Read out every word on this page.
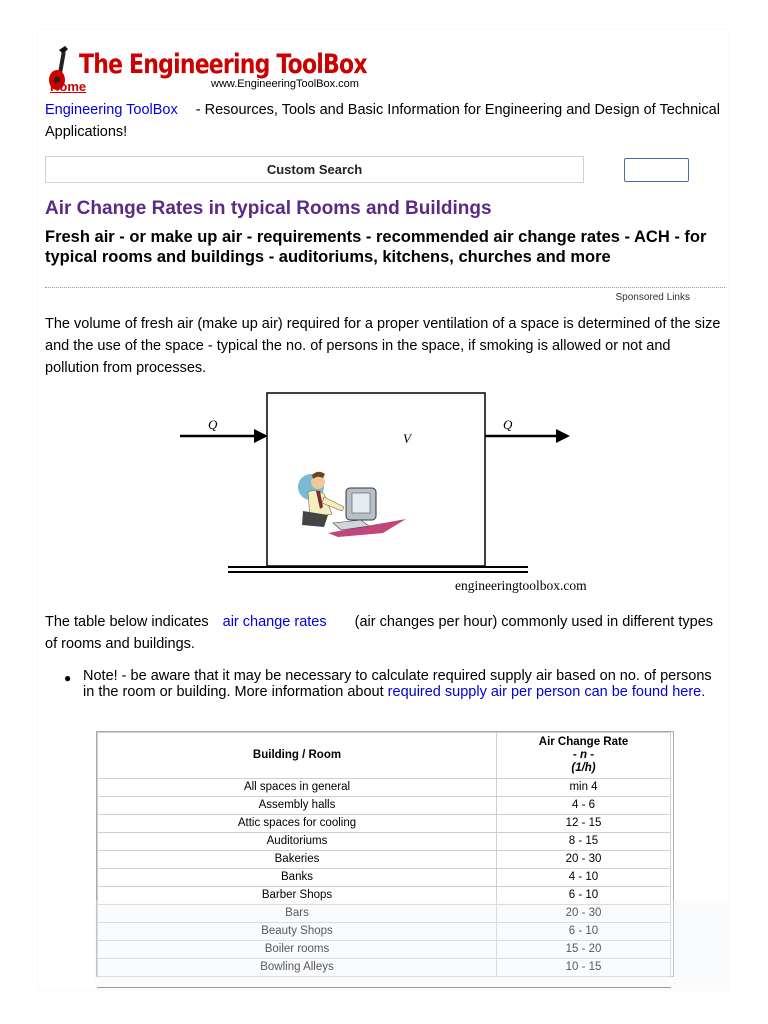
The Engineering ToolBox
www.EngineeringToolBox.com
Home
Engineering ToolBox - Resources, Tools and Basic Information for Engineering and Design of Technical Applications!
Custom Search
Air Change Rates in typical Rooms and Buildings
Fresh air - or make up air - requirements - recommended air change rates - ACH - for typical rooms and buildings - auditoriums, kitchens, churches and more
Sponsored Links

The volume of fresh air (make up air) required for a proper ventilation of a space is determined of the size and the use of the space - typical the no. of persons in the space, if smoking is allowed or not and pollution from processes.

Q	Q
V
engineeringtoolbox.com

The table below indicates air change rates (air changes per hour) commonly used in different types of rooms and buildings.

● Note! - be aware that it may be necessary to calculate required supply air based on no. of persons in the room or building. More information about required supply air per person can be found here.
Building / Room	Air Change Rate
- n -
(1/h)

All spaces in general	min 4
Assembly halls	4 - 6
Attic spaces for cooling	12 - 15
Auditoriums	8 - 15
Bakeries	20 - 30
Banks	4 - 10
Barber Shops	6 - 10
Bars	20 - 30
Beauty Shops	6 - 10
Boiler rooms	15 - 20
Bowling Alleys	10 - 15
